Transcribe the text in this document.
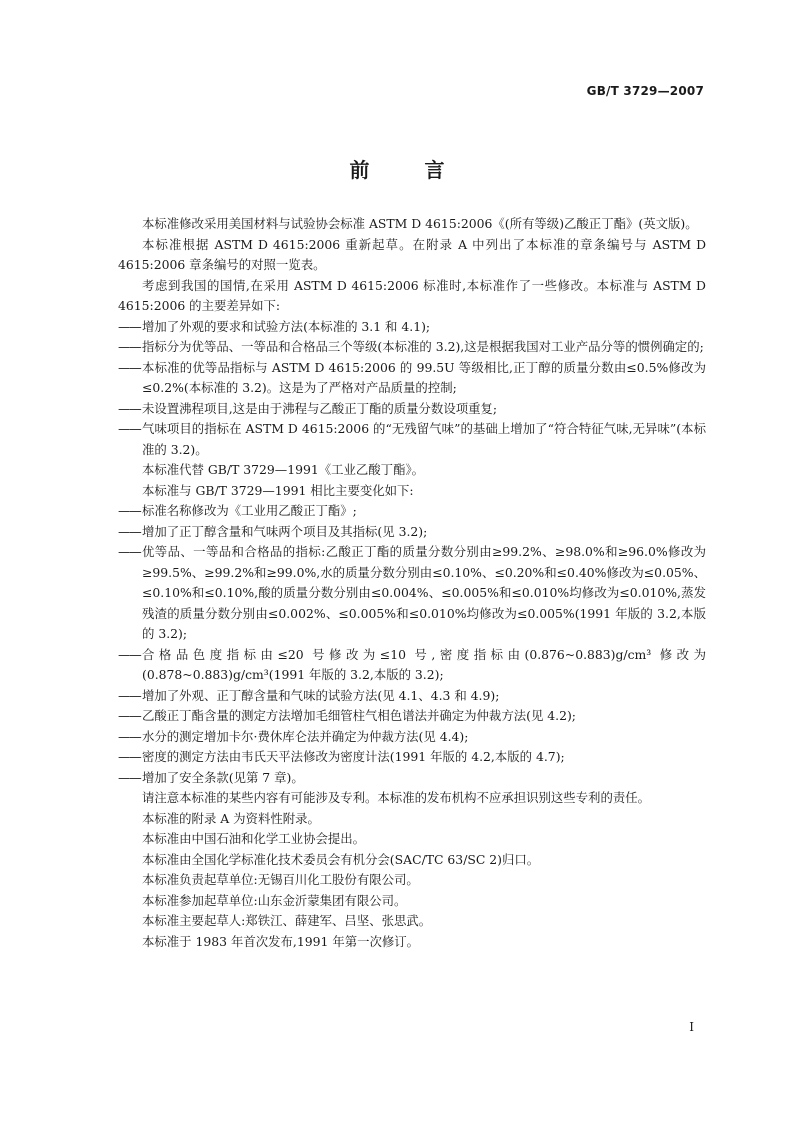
GB/T 3729—2007
前 言

本标准修改采用美国材料与试验协会标准 ASTM D 4615:2006《(所有等级)乙酸正丁酯》(英文版)。

本标准根据 ASTM D 4615:2006 重新起草。在附录 A 中列出了本标准的章条编号与 ASTM D 4615:2006 章条编号的对照一览表。

考虑到我国的国情,在采用 ASTM D 4615:2006 标准时,本标准作了一些修改。本标准与 ASTM D 4615:2006 的主要差异如下:

—— 增加了外观的要求和试验方法(本标准的 3.1 和 4.1);
—— 指标分为优等品、一等品和合格品三个等级(本标准的 3.2),这是根据我国对工业产品分等的惯例确定的;
—— 本标准的优等品指标与 ASTM D 4615:2006 的 99.5U 等级相比,正丁醇的质量分数由≤0.5%修改为≤0.2%(本标准的 3.2)。这是为了严格对产品质量的控制;
—— 未设置沸程项目,这是由于沸程与乙酸正丁酯的质量分数设项重复;
—— 气味项目的指标在 ASTM D 4615:2006 的“无残留气味”的基础上增加了“符合特征气味,无异味”(本标准的 3.2)。

本标准代替 GB/T 3729—1991《工业乙酸丁酯》。

本标准与 GB/T 3729—1991 相比主要变化如下:

—— 标准名称修改为《工业用乙酸正丁酯》;
—— 增加了正丁醇含量和气味两个项目及其指标(见 3.2);
—— 优等品、一等品和合格品的指标:乙酸正丁酯的质量分数分别由≥99.2%、≥98.0%和≥96.0%修改为≥99.5%、≥99.2%和≥99.0%,水的质量分数分别由≤0.10%、≤0.20%和≤0.40%修改为≤0.05%、≤0.10%和≤0.10%,酸的质量分数分别由≤0.004%、≤0.005%和≤0.010%均修改为≤0.010%,蒸发残渣的质量分数分别由≤0.002%、≤0.005%和≤0.010%均修改为≤0.005%(1991 年版的 3.2,本版的 3.2);
—— 合格品色度指标由≤20 号修改为≤10 号,密度指标由(0.876~0.883)g/cm³ 修改为(0.878~0.883)g/cm³(1991 年版的 3.2,本版的 3.2);
—— 增加了外观、正丁醇含量和气味的试验方法(见 4.1、4.3 和 4.9);
—— 乙酸正丁酯含量的测定方法增加毛细管柱气相色谱法并确定为仲裁方法(见 4.2);
—— 水分的测定增加卡尔·费休库仑法并确定为仲裁方法(见 4.4);
—— 密度的测定方法由韦氏天平法修改为密度计法(1991 年版的 4.2,本版的 4.7);
—— 增加了安全条款(见第 7 章)。

请注意本标准的某些内容有可能涉及专利。本标准的发布机构不应承担识别这些专利的责任。

本标准的附录 A 为资料性附录。

本标准由中国石油和化学工业协会提出。

本标准由全国化学标准化技术委员会有机分会(SAC/TC 63/SC 2)归口。

本标准负责起草单位:无锡百川化工股份有限公司。

本标准参加起草单位:山东金沂蒙集团有限公司。

本标准主要起草人:郑铁江、薛建军、吕坚、张思武。

本标准于 1983 年首次发布,1991 年第一次修订。

I
